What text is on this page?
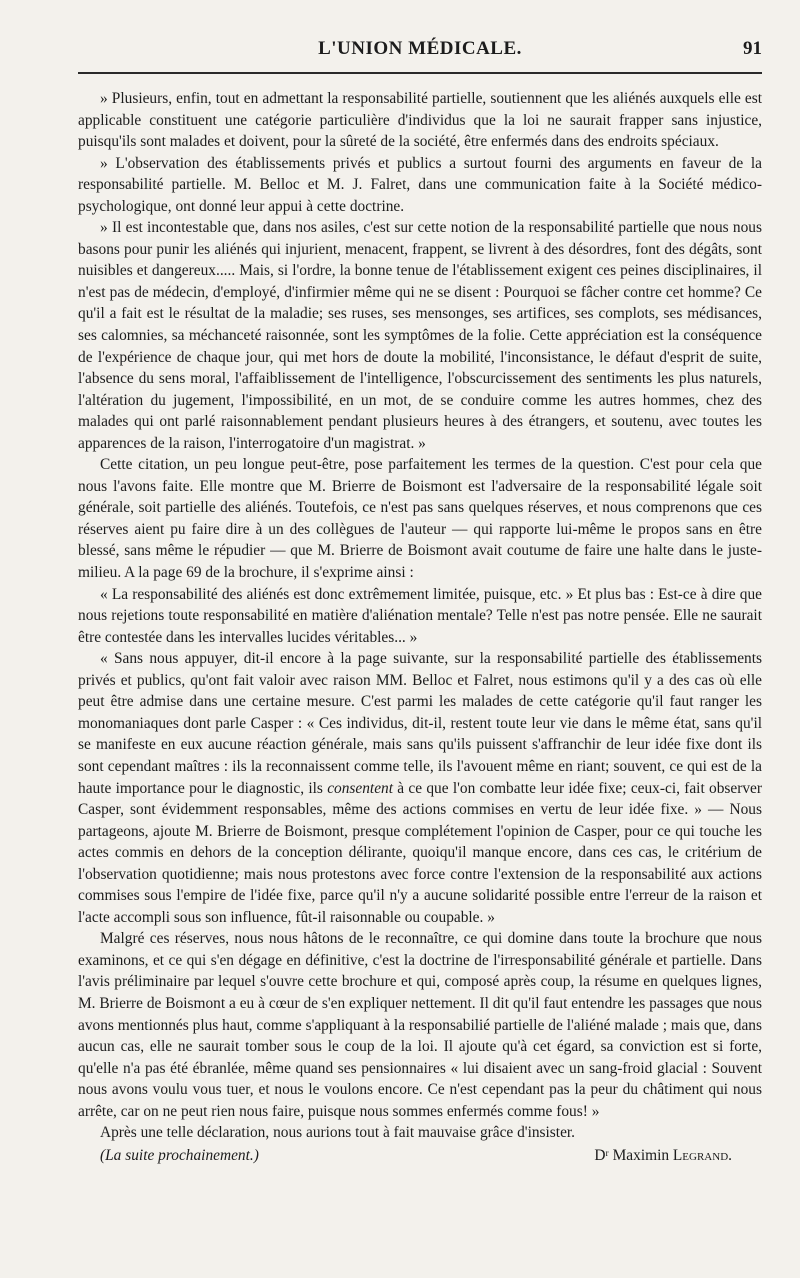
L'UNION MÉDICALE.	91

» Plusieurs, enfin, tout en admettant la responsabilité partielle, soutiennent que les aliénés auxquels elle est applicable constituent une catégorie particulière d'individus que la loi ne saurait frapper sans injustice, puisqu'ils sont malades et doivent, pour la sûreté de la société, être enfermés dans des endroits spéciaux.

» L'observation des établissements privés et publics a surtout fourni des arguments en faveur de la responsabilité partielle. M. Belloc et M. J. Falret, dans une communication faite à la Société médico-psychologique, ont donné leur appui à cette doctrine.

» Il est incontestable que, dans nos asiles, c'est sur cette notion de la responsabilité partielle que nous nous basons pour punir les aliénés qui injurient, menacent, frappent, se livrent à des désordres, font des dégâts, sont nuisibles et dangereux..... Mais, si l'ordre, la bonne tenue de l'établissement exigent ces peines disciplinaires, il n'est pas de médecin, d'employé, d'infirmier même qui ne se disent : Pourquoi se fâcher contre cet homme? Ce qu'il a fait est le résultat de la maladie; ses ruses, ses mensonges, ses artifices, ses complots, ses médisances, ses calomnies, sa méchanceté raisonnée, sont les symptômes de la folie. Cette appréciation est la conséquence de l'expérience de chaque jour, qui met hors de doute la mobilité, l'inconsistance, le défaut d'esprit de suite, l'absence du sens moral, l'affaiblissement de l'intelligence, l'obscurcissement des sentiments les plus naturels, l'altération du jugement, l'impossibilité, en un mot, de se conduire comme les autres hommes, chez des malades qui ont parlé raisonnablement pendant plusieurs heures à des étrangers, et soutenu, avec toutes les apparences de la raison, l'interrogatoire d'un magistrat. »

Cette citation, un peu longue peut-être, pose parfaitement les termes de la question. C'est pour cela que nous l'avons faite. Elle montre que M. Brierre de Boismont est l'adversaire de la responsabilité légale soit générale, soit partielle des aliénés. Toutefois, ce n'est pas sans quelques réserves, et nous comprenons que ces réserves aient pu faire dire à un des collègues de l'auteur — qui rapporte lui-même le propos sans en être blessé, sans même le répudier — que M. Brierre de Boismont avait coutume de faire une halte dans le juste-milieu. A la page 69 de la brochure, il s'exprime ainsi :

« La responsabilité des aliénés est donc extrêmement limitée, puisque, etc. » Et plus bas : Est-ce à dire que nous rejetions toute responsabilité en matière d'aliénation mentale? Telle n'est pas notre pensée. Elle ne saurait être contestée dans les intervalles lucides véritables... »

« Sans nous appuyer, dit-il encore à la page suivante, sur la responsabilité partielle des établissements privés et publics, qu'ont fait valoir avec raison MM. Belloc et Falret, nous estimons qu'il y a des cas où elle peut être admise dans une certaine mesure. C'est parmi les malades de cette catégorie qu'il faut ranger les monomaniaques dont parle Casper : « Ces individus, dit-il, restent toute leur vie dans le même état, sans qu'il se manifeste en eux aucune réaction générale, mais sans qu'ils puissent s'affranchir de leur idée fixe dont ils sont cependant maîtres : ils la reconnaissent comme telle, ils l'avouent même en riant; souvent, ce qui est de la haute importance pour le diagnostic, ils consentent à ce que l'on combatte leur idée fixe; ceux-ci, fait observer Casper, sont évidemment responsables, même des actions commises en vertu de leur idée fixe. » — Nous partageons, ajoute M. Brierre de Boismont, presque complétement l'opinion de Casper, pour ce qui touche les actes commis en dehors de la conception délirante, quoiqu'il manque encore, dans ces cas, le critérium de l'observation quotidienne; mais nous protestons avec force contre l'extension de la responsabilité aux actions commises sous l'empire de l'idée fixe, parce qu'il n'y a aucune solidarité possible entre l'erreur de la raison et l'acte accompli sous son influence, fût-il raisonnable ou coupable. »

Malgré ces réserves, nous nous hâtons de le reconnaître, ce qui domine dans toute la brochure que nous examinons, et ce qui s'en dégage en définitive, c'est la doctrine de l'irresponsabilité générale et partielle. Dans l'avis préliminaire par lequel s'ouvre cette brochure et qui, composé après coup, la résume en quelques lignes, M. Brierre de Boismont a eu à cœur de s'en expliquer nettement. Il dit qu'il faut entendre les passages que nous avons mentionnés plus haut, comme s'appliquant à la responsabilié partielle de l'aliéné malade ; mais que, dans aucun cas, elle ne saurait tomber sous le coup de la loi. Il ajoute qu'à cet égard, sa conviction est si forte, qu'elle n'a pas été ébranlée, même quand ses pensionnaires « lui disaient avec un sang-froid glacial : Souvent nous avons voulu vous tuer, et nous le voulons encore. Ce n'est cependant pas la peur du châtiment qui nous arrête, car on ne peut rien nous faire, puisque nous sommes enfermés comme fous! »

Après une telle déclaration, nous aurions tout à fait mauvaise grâce d'insister.

(La suite prochainement.)	Dʳ Maximin Legrand.
